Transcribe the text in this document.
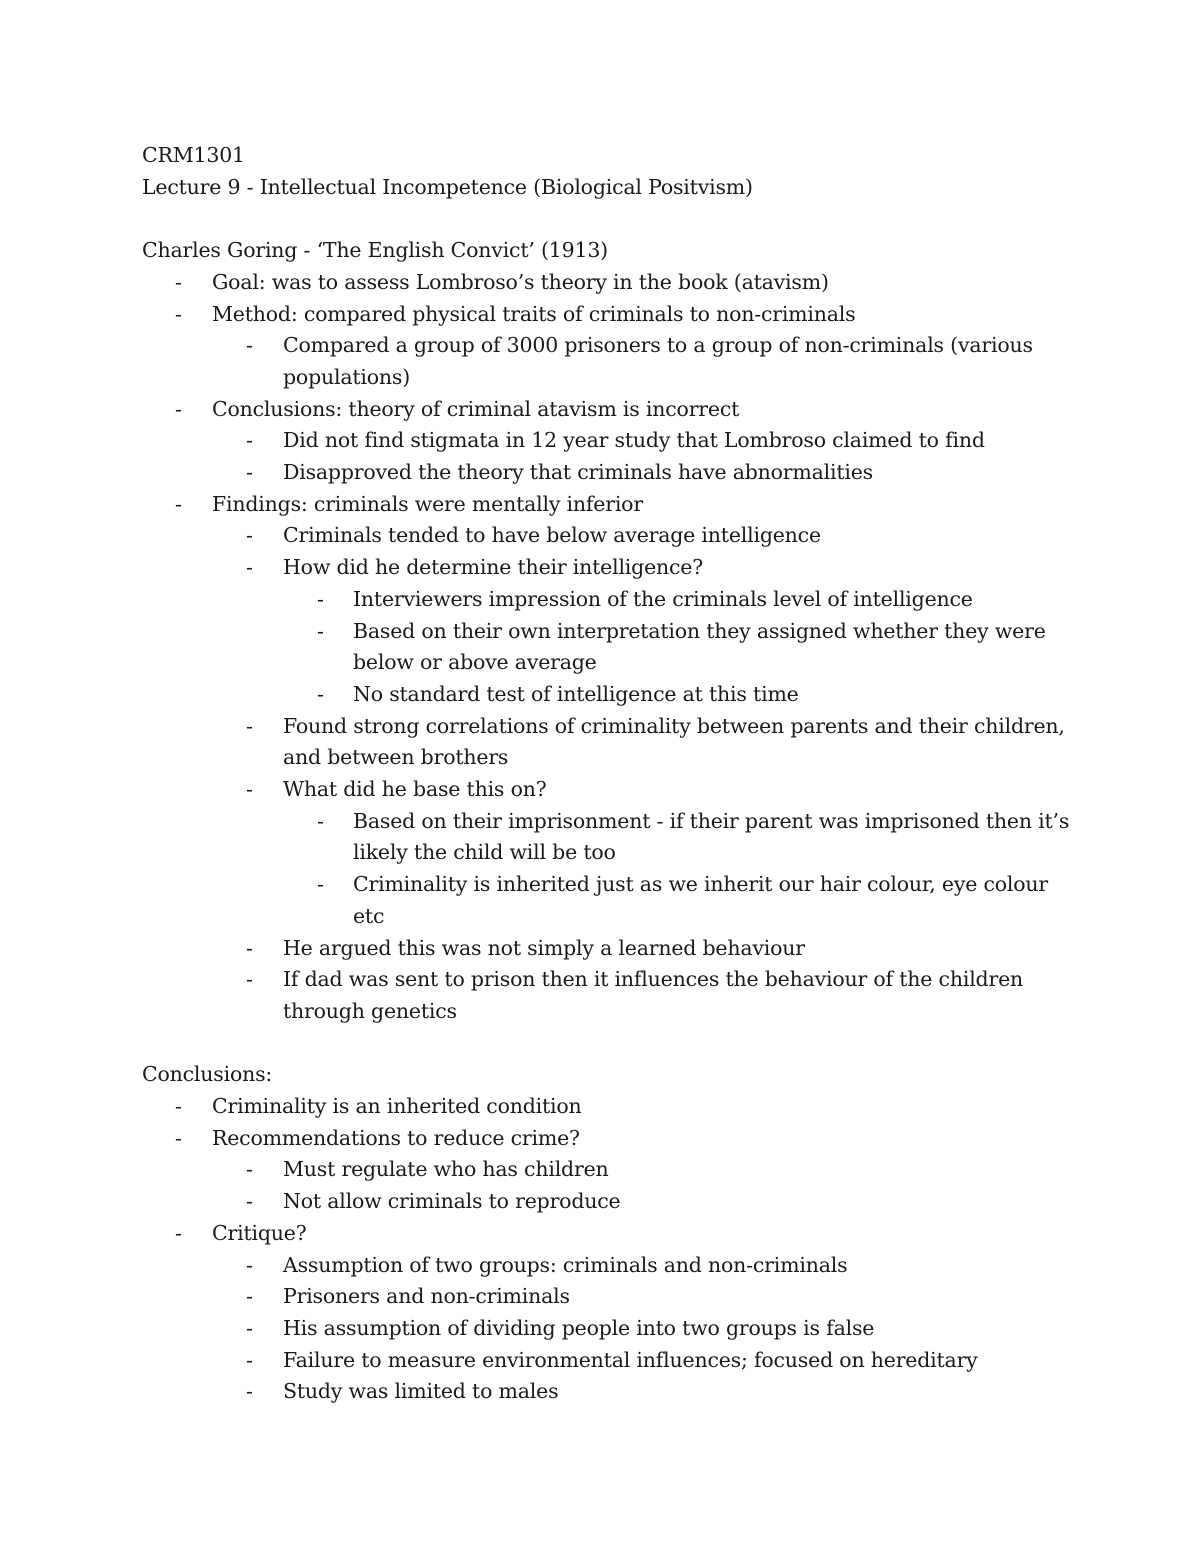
CRM1301
Lecture 9 - Intellectual Incompetence (Biological Positvism)
Charles Goring - ‘The English Convict’ (1913)
- Goal: was to assess Lombroso’s theory in the book (atavism)
- Method: compared physical traits of criminals to non-criminals
- Compared a group of 3000 prisoners to a group of non-criminals (various populations)
- Conclusions: theory of criminal atavism is incorrect
- Did not find stigmata in 12 year study that Lombroso claimed to find
- Disapproved the theory that criminals have abnormalities
- Findings: criminals were mentally inferior
- Criminals tended to have below average intelligence
- How did he determine their intelligence?
- Interviewers impression of the criminals level of intelligence
- Based on their own interpretation they assigned whether they were below or above average
- No standard test of intelligence at this time
- Found strong correlations of criminality between parents and their children, and between brothers
- What did he base this on?
- Based on their imprisonment - if their parent was imprisoned then it’s likely the child will be too
- Criminality is inherited just as we inherit our hair colour, eye colour etc
- He argued this was not simply a learned behaviour
- If dad was sent to prison then it influences the behaviour of the children through genetics
Conclusions:
- Criminality is an inherited condition
- Recommendations to reduce crime?
- Must regulate who has children
- Not allow criminals to reproduce
- Critique?
- Assumption of two groups: criminals and non-criminals
- Prisoners and non-criminals
- His assumption of dividing people into two groups is false
- Failure to measure environmental influences; focused on hereditary
- Study was limited to males
